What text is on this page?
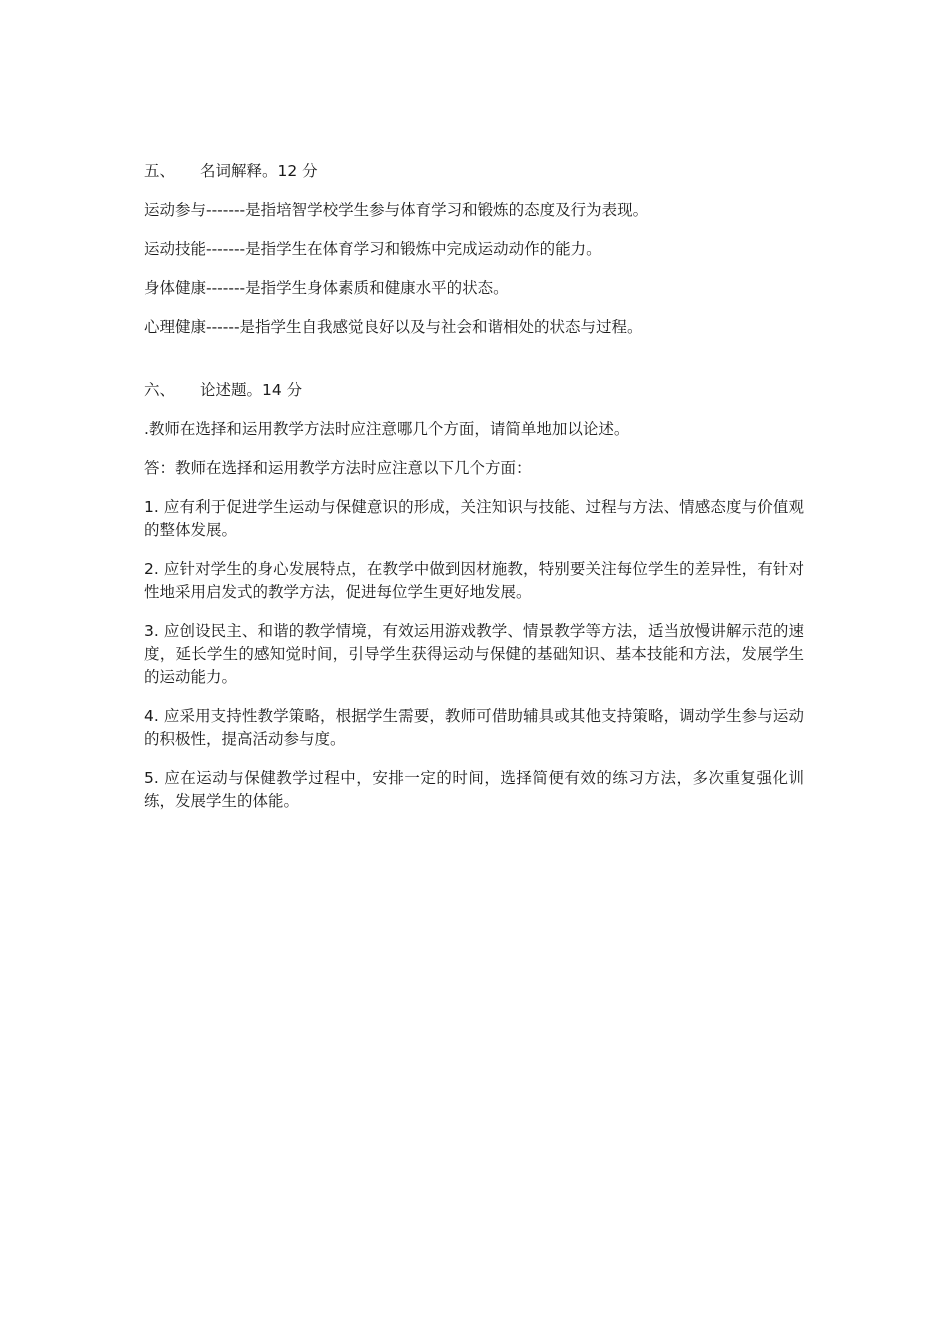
五、	名词解释。12 分

运动参与-------是指培智学校学生参与体育学习和锻炼的态度及行为表现。

运动技能-------是指学生在体育学习和锻炼中完成运动动作的能力。

身体健康-------是指学生身体素质和健康水平的状态。

心理健康------是指学生自我感觉良好以及与社会和谐相处的状态与过程。

六、	论述题。14 分

.教师在选择和运用教学方法时应注意哪几个方面，请简单地加以论述。

答：教师在选择和运用教学方法时应注意以下几个方面：

1. 应有利于促进学生运动与保健意识的形成，关注知识与技能、过程与方法、情感态度与价值观的整体发展。

2. 应针对学生的身心发展特点，在教学中做到因材施教，特别要关注每位学生的差异性，有针对性地采用启发式的教学方法，促进每位学生更好地发展。

3. 应创设民主、和谐的教学情境，有效运用游戏教学、情景教学等方法，适当放慢讲解示范的速度，延长学生的感知觉时间，引导学生获得运动与保健的基础知识、基本技能和方法，发展学生的运动能力。

4. 应采用支持性教学策略，根据学生需要，教师可借助辅具或其他支持策略，调动学生参与运动的积极性，提高活动参与度。

5. 应在运动与保健教学过程中，安排一定的时间，选择简便有效的练习方法，多次重复强化训练，发展学生的体能。
